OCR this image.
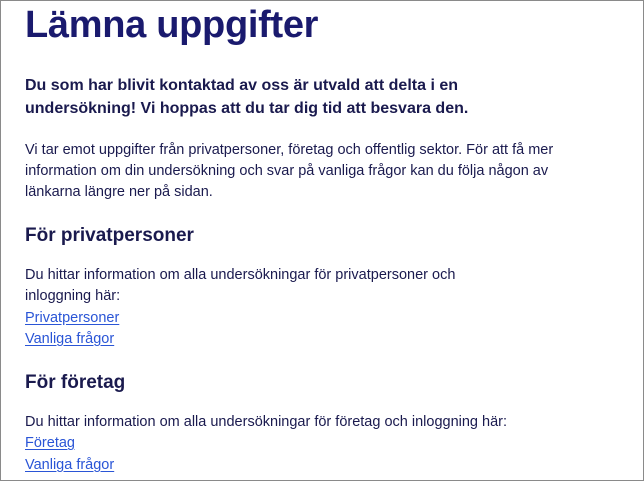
Lämna uppgifter

Du som har blivit kontaktad av oss är utvald att delta i en undersökning! Vi hoppas att du tar dig tid att besvara den.

Vi tar emot uppgifter från privatpersoner, företag och offentlig sektor. För att få mer information om din undersökning och svar på vanliga frågor kan du följa någon av länkarna längre ner på sidan.

För privatpersoner

Du hittar information om alla undersökningar för privatpersoner och inloggning här:

Privatpersoner
Vanliga frågor
För företag

Du hittar information om alla undersökningar för företag och inloggning här:

Företag
Vanliga frågor
